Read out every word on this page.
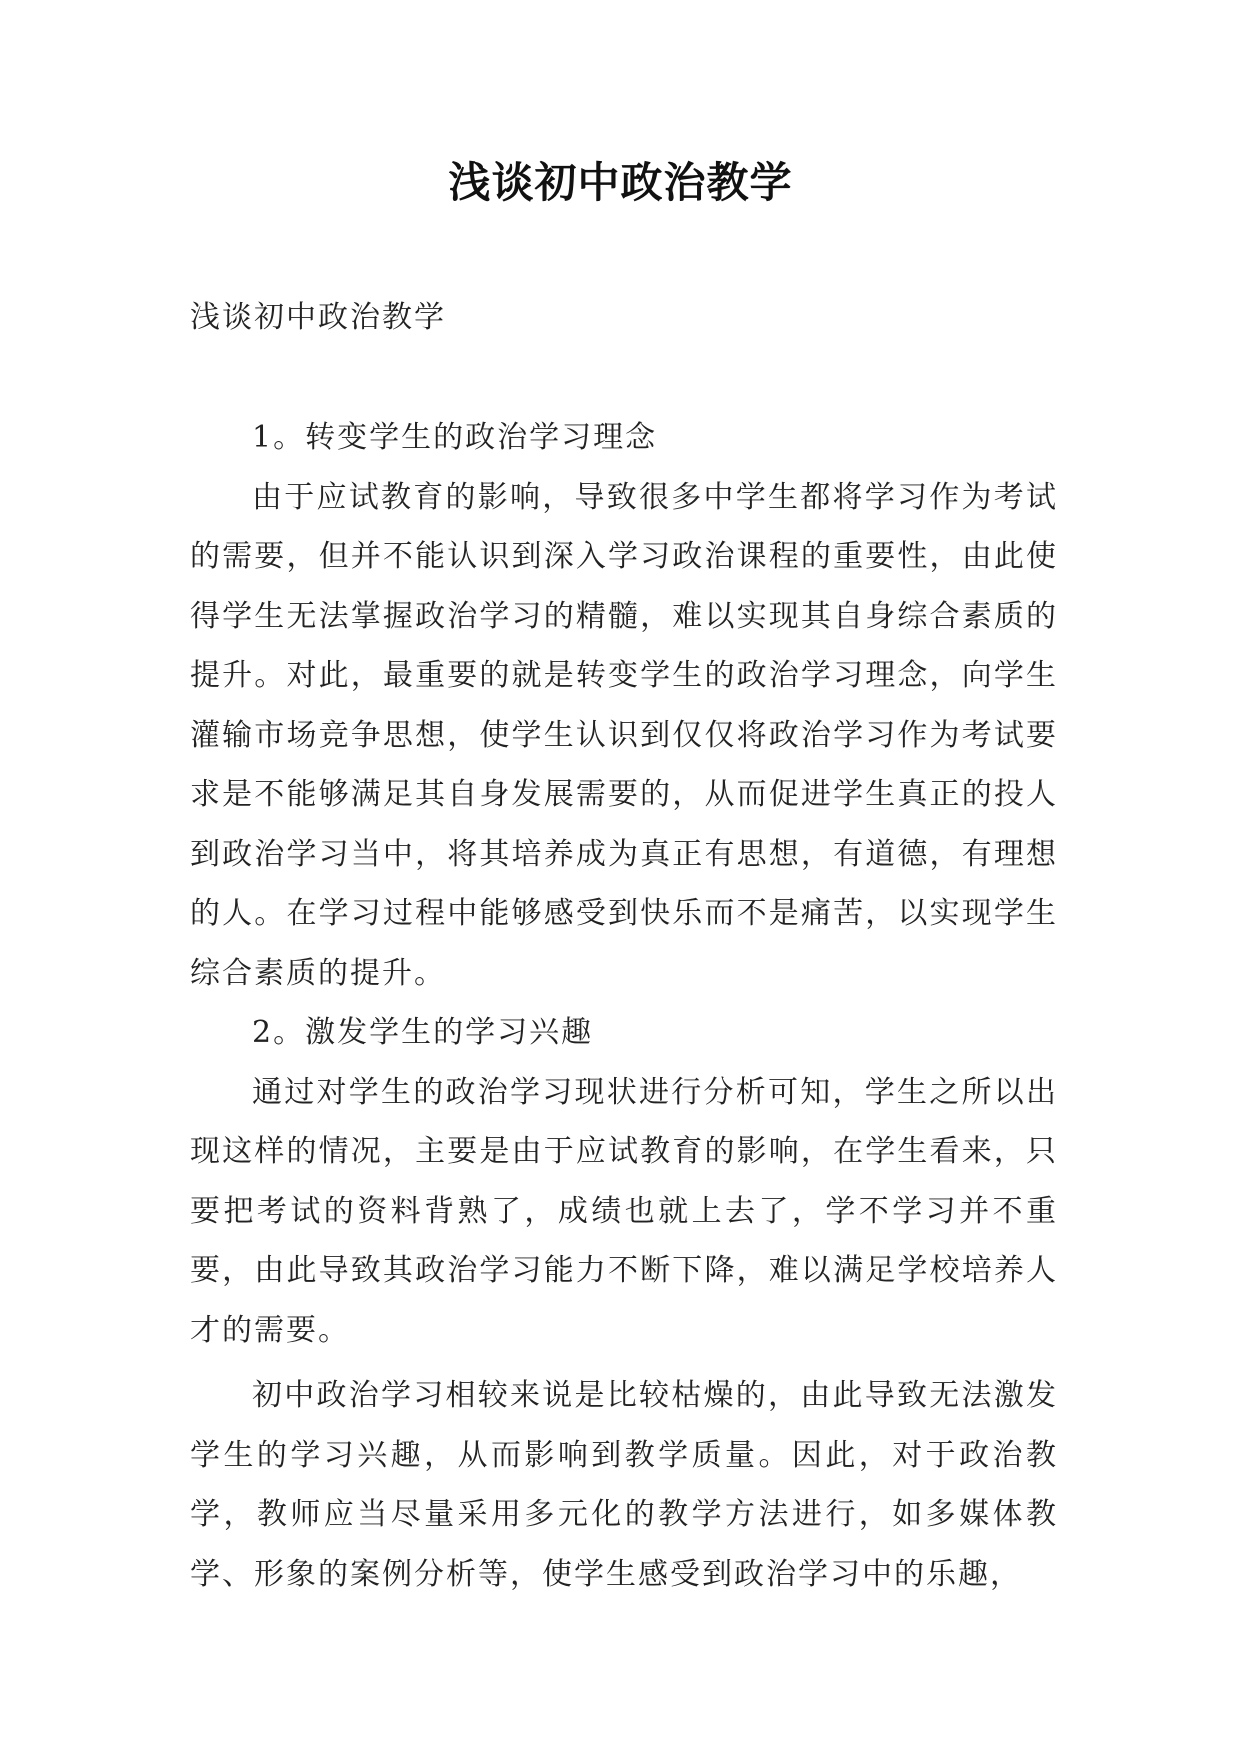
浅谈初中政治教学
浅谈初中政治教学

1。转变学生的政治学习理念

由于应试教育的影响，导致很多中学生都将学习作为考试的需要，但并不能认识到深入学习政治课程的重要性，由此使得学生无法掌握政治学习的精髓，难以实现其自身综合素质的提升。对此，最重要的就是转变学生的政治学习理念，向学生灌输市场竞争思想，使学生认识到仅仅将政治学习作为考试要求是不能够满足其自身发展需要的，从而促进学生真正的投人到政治学习当中，将其培养成为真正有思想，有道德，有理想的人。在学习过程中能够感受到快乐而不是痛苦，以实现学生综合素质的提升。

2。激发学生的学习兴趣

通过对学生的政治学习现状进行分析可知，学生之所以出现这样的情况，主要是由于应试教育的影响，在学生看来，只要把考试的资料背熟了，成绩也就上去了，学不学习并不重要，由此导致其政治学习能力不断下降，难以满足学校培养人才的需要。

初中政治学习相较来说是比较枯燥的，由此导致无法激发学生的学习兴趣，从而影响到教学质量。因此，对于政治教学，教师应当尽量采用多元化的教学方法进行，如多媒体教学、形象的案例分析等，使学生感受到政治学习中的乐趣，
